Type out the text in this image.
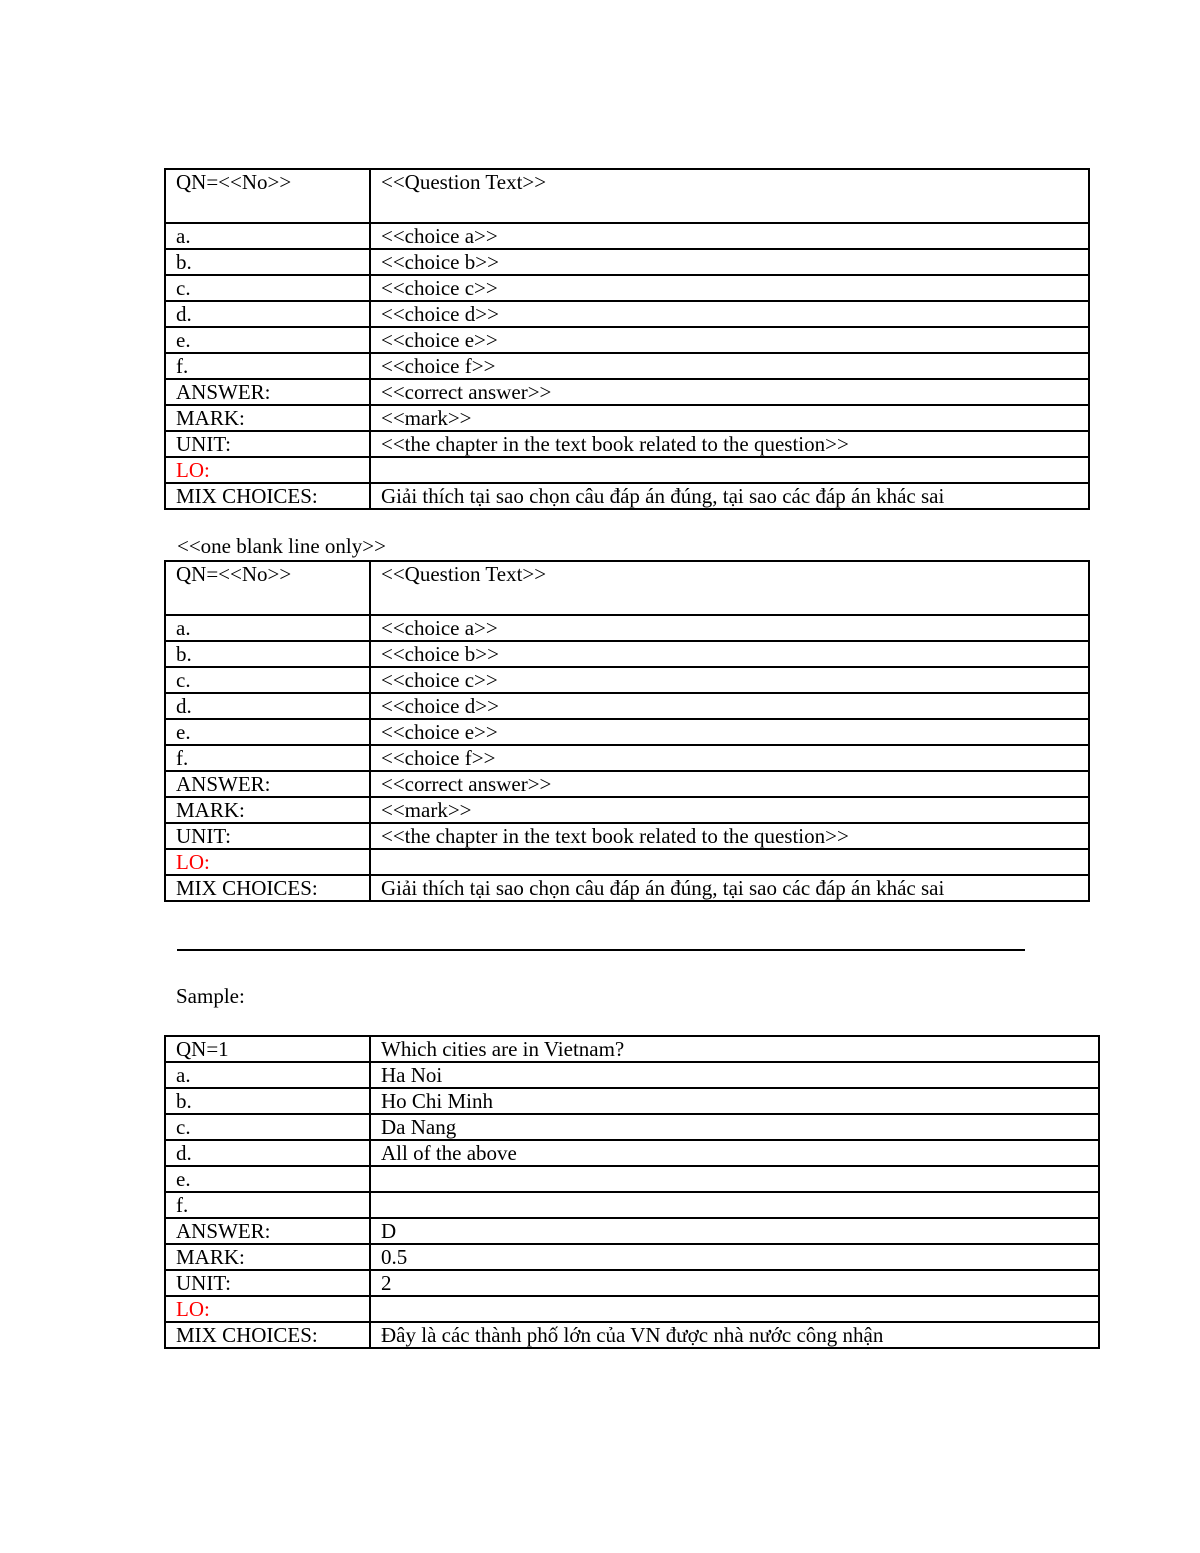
QN=<<No>>	<<Question Text>>
a.	<<choice a>>
b.	<<choice b>>
c.	<<choice c>>
d.	<<choice d>>
e.	<<choice e>>
f.	<<choice f>>
ANSWER:	<<correct answer>>
MARK:	<<mark>>
UNIT:	<<the chapter in the text book related to the question>>
LO:	
MIX CHOICES:	Giải thích tại sao chọn câu đáp án đúng, tại sao các đáp án khác sai
<<one blank line only>>
QN=<<No>>	<<Question Text>>
a.	<<choice a>>
b.	<<choice b>>
c.	<<choice c>>
d.	<<choice d>>
e.	<<choice e>>
f.	<<choice f>>
ANSWER:	<<correct answer>>
MARK:	<<mark>>
UNIT:	<<the chapter in the text book related to the question>>
LO:	
MIX CHOICES:	Giải thích tại sao chọn câu đáp án đúng, tại sao các đáp án khác sai
Sample:
QN=1	Which cities are in Vietnam?
a.	Ha Noi
b.	Ho Chi Minh
c.	Da Nang
d.	All of the above
e.	
f.	
ANSWER:	D
MARK:	0.5
UNIT:	2
LO:	
MIX CHOICES:	Đây là các thành phố lớn của VN được nhà nước công nhận
